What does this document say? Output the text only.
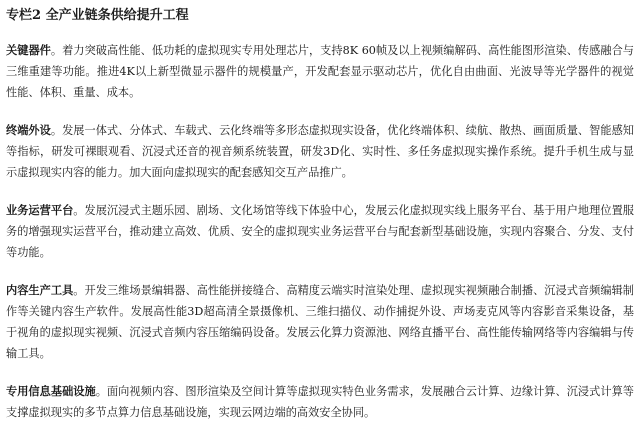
专栏2 全产业链条供给提升工程

关键器件。着力突破高性能、低功耗的虚拟现实专用处理芯片，支持8K 60帧及以上视频编解码、高性能图形渲染、传感融合与三维重建等功能。推进4K以上新型微显示器件的规模量产，开发配套显示驱动芯片，优化自由曲面、光波导等光学器件的视觉性能、体积、重量、成本。

终端外设。发展一体式、分体式、车载式、云化终端等多形态虚拟现实设备，优化终端体积、续航、散热、画面质量、智能感知等指标，研发可裸眼观看、沉浸式还音的视音频系统装置，研发3D化、实时性、多任务虚拟现实操作系统。提升手机生成与显示虚拟现实内容的能力。加大面向虚拟现实的配套感知交互产品推广。

业务运营平台。发展沉浸式主题乐园、剧场、文化场馆等线下体验中心，发展云化虚拟现实线上服务平台、基于用户地理位置服务的增强现实运营平台，推动建立高效、优质、安全的虚拟现实业务运营平台与配套新型基础设施，实现内容聚合、分发、支付等功能。

内容生产工具。开发三维场景编辑器、高性能拼接缝合、高精度云端实时渲染处理、虚拟现实视频融合制播、沉浸式音频编辑制作等关键内容生产软件。发展高性能3D超高清全景摄像机、三维扫描仪、动作捕捉外设、声场麦克风等内容影音采集设备，基于视角的虚拟现实视频、沉浸式音频内容压缩编码设备。发展云化算力资源池、网络直播平台、高性能传输网络等内容编辑与传输工具。

专用信息基础设施。面向视频内容、图形渲染及空间计算等虚拟现实特色业务需求，发展融合云计算、边缘计算、沉浸式计算等支撑虚拟现实的多节点算力信息基础设施，实现云网边端的高效安全协同。
